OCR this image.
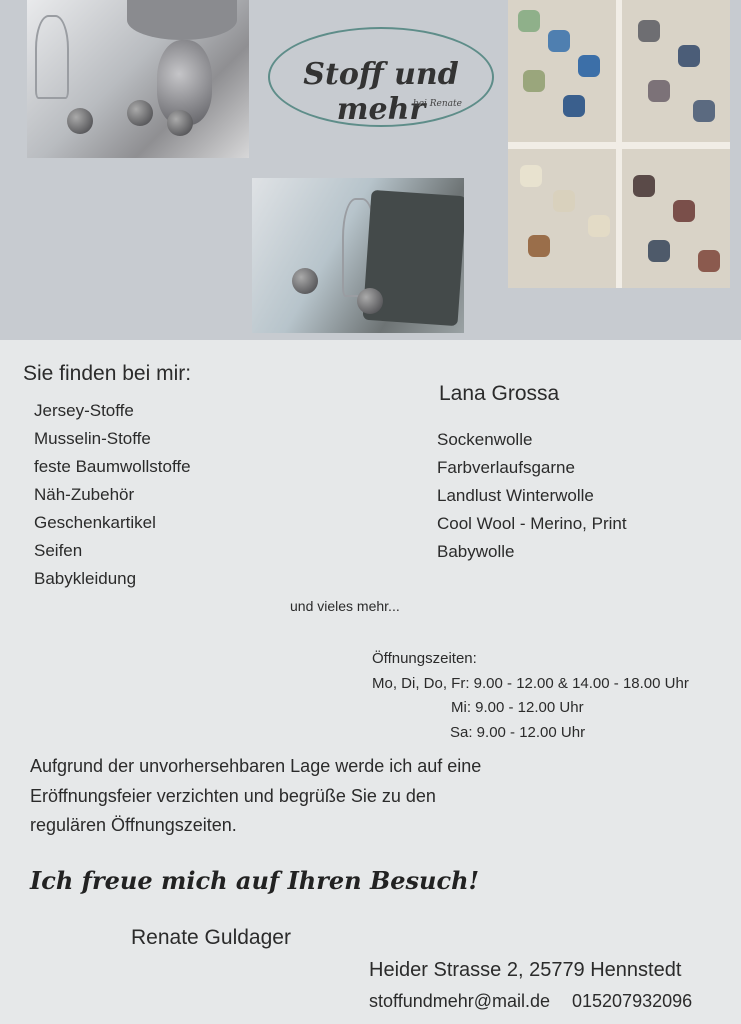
Stoff und mehr
bei Renate
Sie finden bei mir:
Jersey-Stoffe
Musselin-Stoffe
feste Baumwollstoffe
Näh-Zubehör
Geschenkartikel
Seifen
Babykleidung
Lana Grossa
Sockenwolle
Farbverlaufsgarne
Landlust Winterwolle
Cool Wool - Merino, Print
Babywolle
und vieles mehr...
Öffnungszeiten:
Mo, Di, Do, Fr: 9.00 - 12.00 & 14.00 - 18.00 Uhr
Mi: 9.00 - 12.00 Uhr
Sa: 9.00 - 12.00 Uhr
Aufgrund der unvorhersehbaren Lage werde ich auf eine
Eröffnungsfeier verzichten und begrüße Sie zu den
regulären Öffnungszeiten.
Ich freue mich auf Ihren Besuch!
Renate Guldager
Heider Strasse 2, 25779 Hennstedt
stoffundmehr@mail.de 015207932096
